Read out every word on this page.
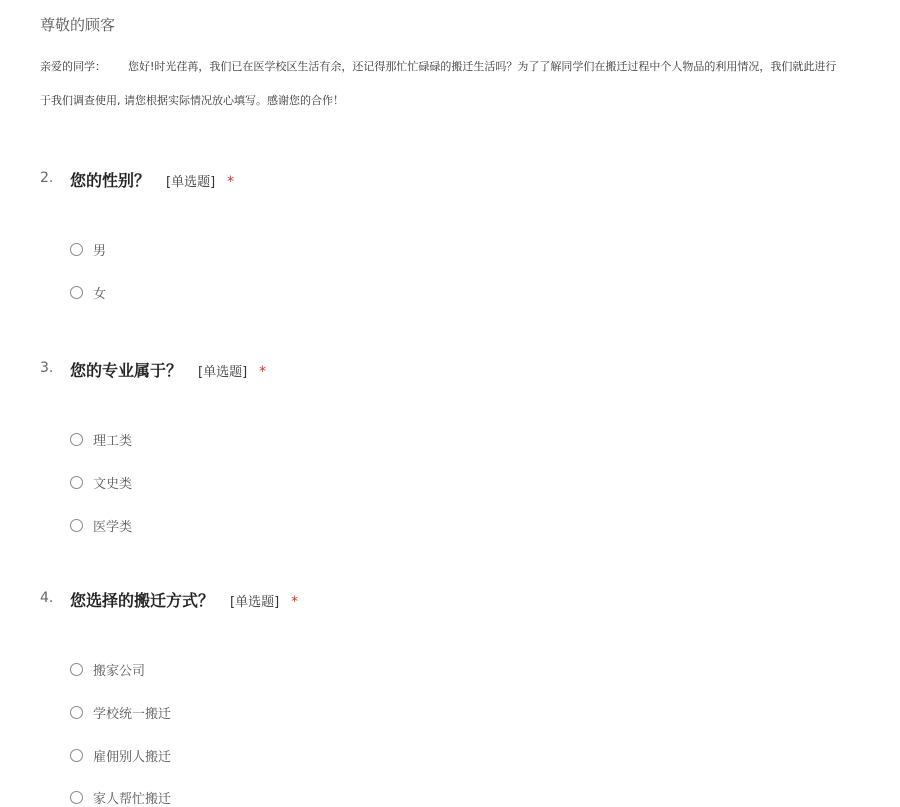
尊敬的顾客
亲爱的同学： 您好!时光荏苒，我们已在医学校区生活有余，还记得那忙忙碌碌的搬迁生活吗？为了了解同学们在搬迁过程中个人物品的利用情况，我们就此进行
于我们调查使用, 请您根据实际情况放心填写。感谢您的合作！
2. 您的性别？ [单选题] *
男
女
3. 您的专业属于？ [单选题] *
理工类
文史类
医学类
4. 您选择的搬迁方式？ [单选题] *
搬家公司
学校统一搬迁
雇佣别人搬迁
家人帮忙搬迁
